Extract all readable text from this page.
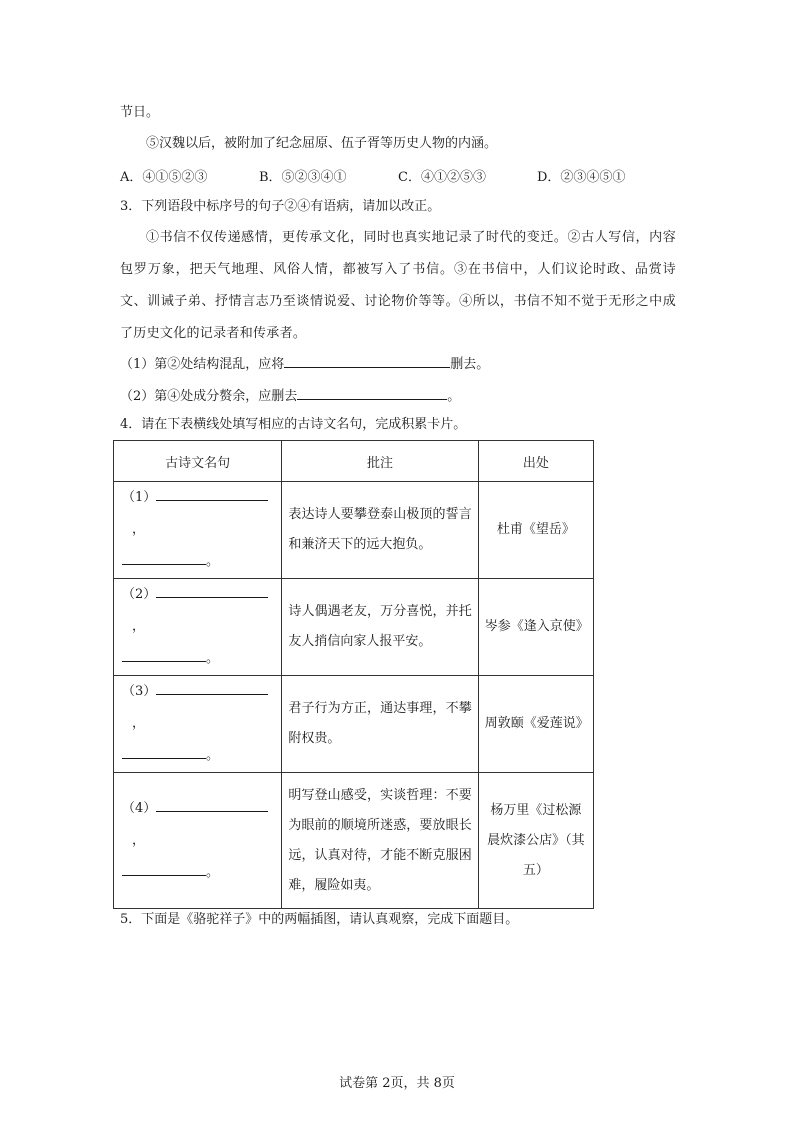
节日。
⑤汉魏以后，被附加了纪念屈原、伍子胥等历史人物的内涵。
A．④①⑤②③	B．⑤②③④①	C．④①②⑤③	D．②③④⑤①
3．下列语段中标序号的句子②④有语病，请加以改正。
①书信不仅传递感情，更传承文化，同时也真实地记录了时代的变迁。②古人写信，内容包罗万象，把天气地理、风俗人情，都被写入了书信。③在书信中，人们议论时政、品赏诗文、训诫子弟、抒情言志乃至谈情说爱、讨论物价等等。④所以，书信不知不觉于无形之中成了历史文化的记录者和传承者。
（1）第②处结构混乱，应将	删去。
（2）第④处成分赘余，应删去	。
4．请在下表横线处填写相应的古诗文名句，完成积累卡片。
古诗文名句	批注	出处
（1），
。	表达诗人要攀登泰山极顶的誓言和兼济天下的远大抱负。	杜甫《望岳》
（2），
。	诗人偶遇老友，万分喜悦，并托友人捎信向家人报平安。	岑参《逢入京使》
（3），
。	君子行为方正，通达事理，不攀附权贵。	周敦颐《爱莲说》
（4），
。	明写登山感受，实谈哲理：不要为眼前的顺境所迷惑，要放眼长远，认真对待，才能不断克服困难，履险如夷。	杨万里《过松源晨炊漆公店》（其五）
5．下面是《骆驼祥子》中的两幅插图，请认真观察，完成下面题目。
试卷第 2页，共 8页
